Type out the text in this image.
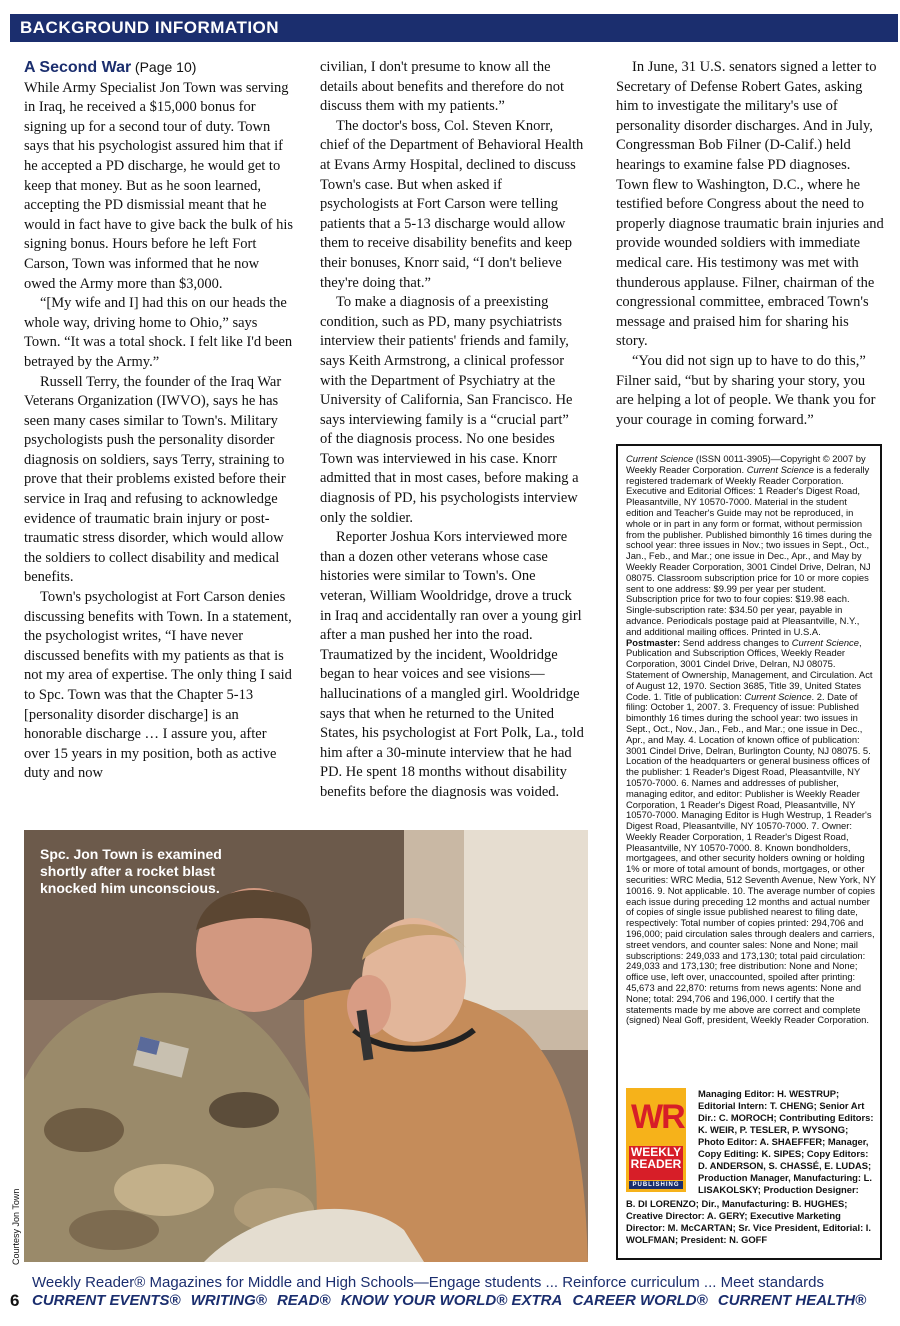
BACKGROUND INFORMATION

A Second War (Page 10)
While Army Specialist Jon Town was serving in Iraq, he received a $15,000 bonus for signing up for a second tour of duty. Town says that his psychologist assured him that if he accepted a PD discharge, he would get to keep that money. But as he soon learned, accepting the PD dismissial meant that he would in fact have to give back the bulk of his signing bonus. Hours before he left Fort Carson, Town was informed that he now owed the Army more than $3,000.

“[My wife and I] had this on our heads the whole way, driving home to Ohio,” says Town. “It was a total shock. I felt like I'd been betrayed by the Army.”

Russell Terry, the founder of the Iraq War Veterans Organization (IWVO), says he has seen many cases similar to Town's. Military psychologists push the personality disorder diagnosis on soldiers, says Terry, straining to prove that their problems existed before their service in Iraq and refusing to acknowledge evidence of traumatic brain injury or post-traumatic stress disorder, which would allow the soldiers to collect disability and medical benefits.

Town's psychologist at Fort Carson denies discussing benefits with Town. In a statement, the psychologist writes, “I have never discussed benefits with my patients as that is not my area of expertise. The only thing I said to Spc. Town was that the Chapter 5-13 [personality disorder discharge] is an honorable discharge … I assure you, after over 15 years in my position, both as active duty and now

civilian, I don't presume to know all the details about benefits and therefore do not discuss them with my patients.”

The doctor's boss, Col. Steven Knorr, chief of the Department of Behavioral Health at Evans Army Hospital, declined to discuss Town's case. But when asked if psychologists at Fort Carson were telling patients that a 5-13 discharge would allow them to receive disability benefits and keep their bonuses, Knorr said, “I don't believe they're doing that.”

To make a diagnosis of a preexisting condition, such as PD, many psychiatrists interview their patients' friends and family, says Keith Armstrong, a clinical professor with the Department of Psychiatry at the University of California, San Francisco. He says interviewing family is a “crucial part” of the diagnosis process. No one besides Town was interviewed in his case. Knorr admitted that in most cases, before making a diagnosis of PD, his psychologists interview only the soldier.

Reporter Joshua Kors interviewed more than a dozen other veterans whose case histories were similar to Town's. One veteran, William Wooldridge, drove a truck in Iraq and accidentally ran over a young girl after a man pushed her into the road. Traumatized by the incident, Wooldridge began to hear voices and see visions—hallucinations of a mangled girl. Wooldridge says that when he returned to the United States, his psychologist at Fort Polk, La., told him after a 30-minute interview that he had PD. He spent 18 months without disability benefits before the diagnosis was voided.

In June, 31 U.S. senators signed a letter to Secretary of Defense Robert Gates, asking him to investigate the military's use of personality disorder discharges. And in July, Congressman Bob Filner (D-Calif.) held hearings to examine false PD diagnoses. Town flew to Washington, D.C., where he testified before Congress about the need to properly diagnose traumatic brain injuries and provide wounded soldiers with immediate medical care. His testimony was met with thunderous applause. Filner, chairman of the congressional committee, embraced Town's message and praised him for sharing his story.

“You did not sign up to have to do this,” Filner said, “but by sharing your story, you are helping a lot of people. We thank you for your courage in coming forward.”

Spc. Jon Town is examined shortly after a rocket blast knocked him unconscious.
Courtesy Jon Town
Current Science (ISSN 0011-3905)—Copyright © 2007 by Weekly Reader Corporation. Current Science is a federally registered trademark of Weekly Reader Corporation. Executive and Editorial Offices: 1 Reader's Digest Road, Pleasantville, NY 10570-7000. Material in the student edition and Teacher's Guide may not be reproduced, in whole or in part in any form or format, without permission from the publisher. Published bimonthly 16 times during the school year: three issues in Nov.; two issues in Sept., Oct., Jan., Feb., and Mar.; one issue in Dec., Apr., and May by Weekly Reader Corporation, 3001 Cindel Drive, Delran, NJ 08075. Classroom subscription price for 10 or more copies sent to one address: $9.99 per year per student. Subscription price for two to four copies: $19.98 each. Single-subscription rate: $34.50 per year, payable in advance. Periodicals postage paid at Pleasantville, N.Y., and additional mailing offices. Printed in U.S.A. Postmaster: Send address changes to Current Science, Publication and Subscription Offices, Weekly Reader Corporation, 3001 Cindel Drive, Delran, NJ 08075. Statement of Ownership, Management, and Circulation. Act of August 12, 1970. Section 3685, Title 39, United States Code. 1. Title of publication: Current Science. 2. Date of filing: October 1, 2007. 3. Frequency of issue: Published bimonthly 16 times during the school year: two issues in Sept., Oct., Nov., Jan., Feb., and Mar.; one issue in Dec., Apr., and May. 4. Location of known office of publication: 3001 Cindel Drive, Delran, Burlington County, NJ 08075. 5. Location of the headquarters or general business offices of the publisher: 1 Reader's Digest Road, Pleasantville, NY 10570-7000. 6. Names and addresses of publisher, managing editor, and editor: Publisher is Weekly Reader Corporation, 1 Reader's Digest Road, Pleasantville, NY 10570-7000. Managing Editor is Hugh Westrup, 1 Reader's Digest Road, Pleasantville, NY 10570-7000. 7. Owner: Weekly Reader Corporation, 1 Reader's Digest Road, Pleasantville, NY 10570-7000. 8. Known bondholders, mortgagees, and other security holders owning or holding 1% or more of total amount of bonds, mortgages, or other securities: WRC Media, 512 Seventh Avenue, New York, NY 10016. 9. Not applicable. 10. The average number of copies each issue during preceding 12 months and actual number of copies of single issue published nearest to filing date, respectively: Total number of copies printed: 294,706 and 196,000; paid circulation sales through dealers and carriers, street vendors, and counter sales: None and None; mail subscriptions: 249,033 and 173,130; total paid circulation: 249,033 and 173,130; free distribution: None and None; office use, left over, unaccounted, spoiled after printing: 45,673 and 22,870: returns from news agents: None and None; total: 294,706 and 196,000. I certify that the statements made by me above are correct and complete (signed) Neal Goff, president, Weekly Reader Corporation.
WR
WEEKLY
READER
PUBLISHING
Managing Editor: H. WESTRUP; Editorial Intern: T. CHENG; Senior Art Dir.: C. MOROCH; Contributing Editors: K. WEIR, P. TESLER, P. WYSONG; Photo Editor: A. SHAEFFER; Manager, Copy Editing: K. SIPES; Copy Editors: D. ANDERSON, S. CHASSÉ, E. LUDAS; Production Manager, Manufacturing: L. LISAKOLSKY; Production Designer:
B. DI LORENZO; Dir., Manufacturing: B. HUGHES; Creative Director: A. GERY; Executive Marketing Director: M. McCARTAN; Sr. Vice President, Editorial: I. WOLFMAN; President: N. GOFF
Weekly Reader® Magazines for Middle and High Schools—Engage students ... Reinforce curriculum ... Meet standards
6 CURRENT EVENTS® WRITING® READ® KNOW YOUR WORLD® EXTRA CAREER WORLD® CURRENT HEALTH®
